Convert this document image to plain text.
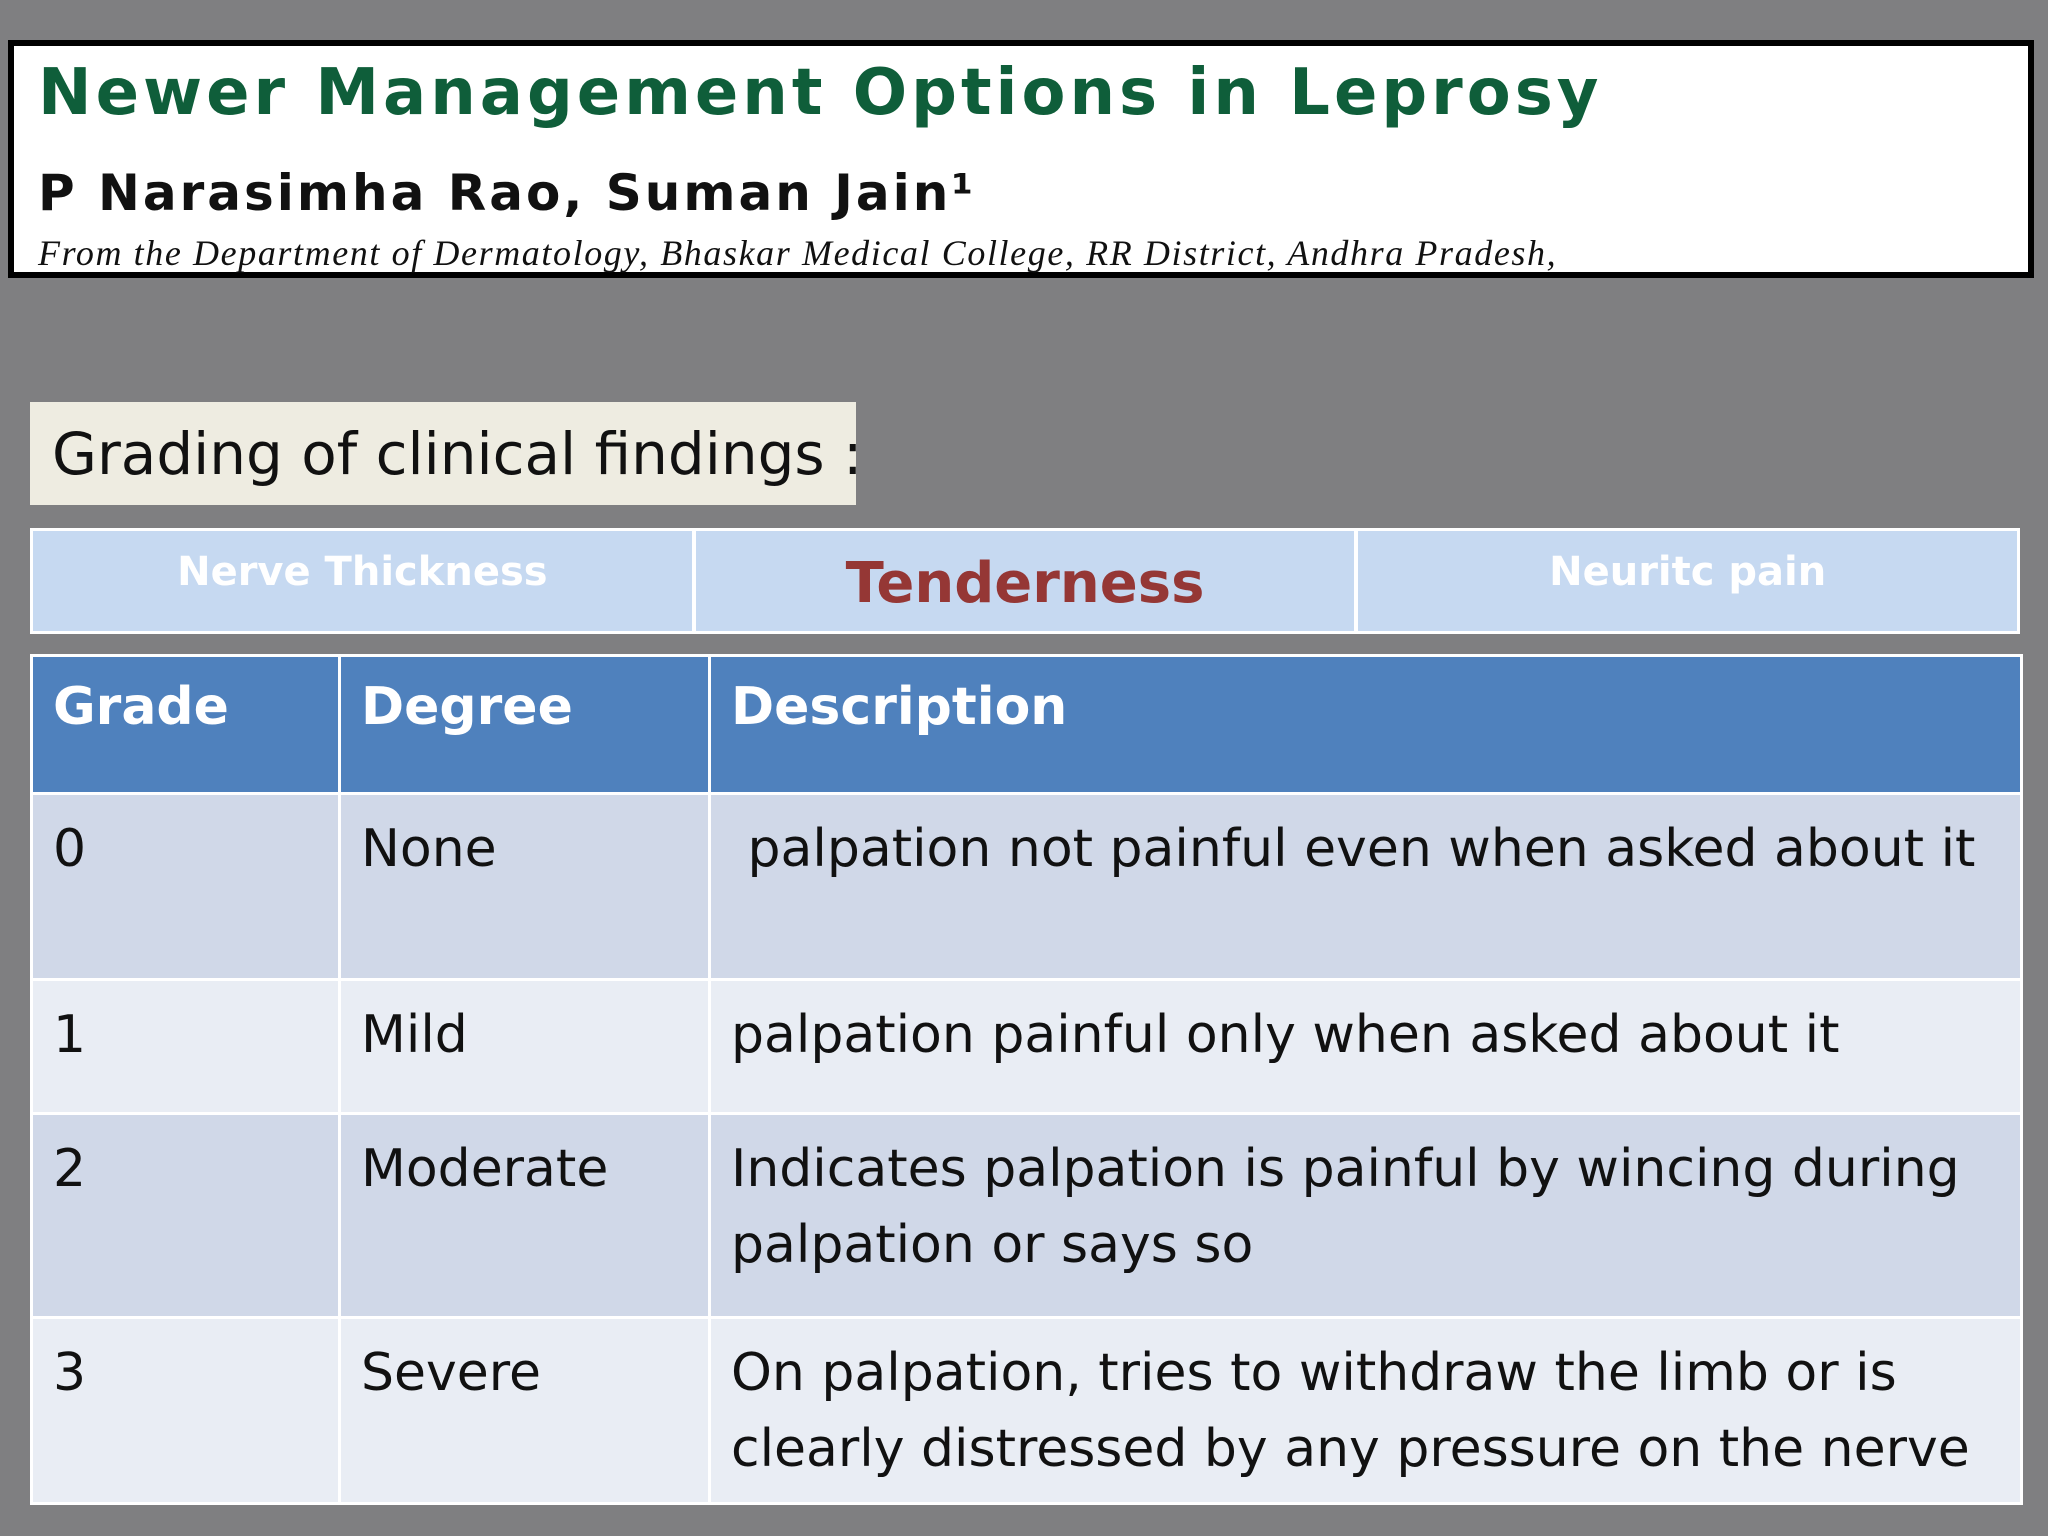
Newer Management Options in Leprosy
P Narasimha Rao, Suman Jain¹
From the Department of Dermatology, Bhaskar Medical College, RR District, Andhra Pradesh,
Grading of clinical findings :
Nerve Thickness	Tenderness	Neuritc pain
Grade	Degree	Description
0	None	palpation not painful even when asked about it
1	Mild	palpation painful only when asked about it
2	Moderate	Indicates palpation is painful by wincing during palpation or says so
3	Severe	On palpation, tries to withdraw the limb or is clearly distressed by any pressure on the nerve
